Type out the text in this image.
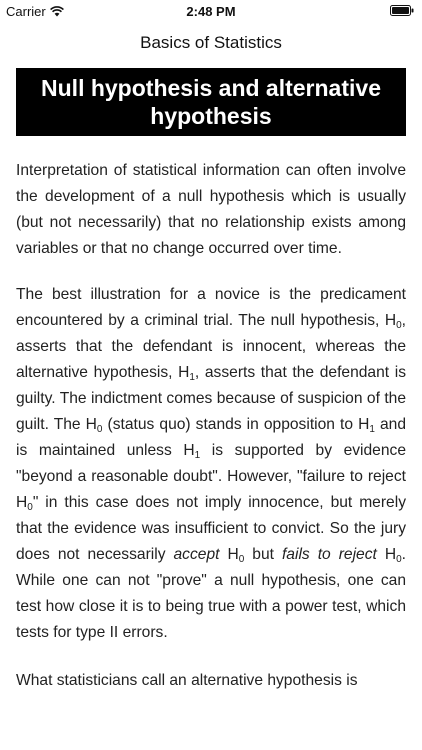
Carrier	2:48 PM
Basics of Statistics
Null hypothesis and alternative hypothesis

Interpretation of statistical information can often involve the development of a null hypothesis which is usually (but not necessarily) that no relationship exists among variables or that no change occurred over time.

The best illustration for a novice is the predicament encountered by a criminal trial. The null hypothesis, $H_0$, asserts that the defendant is innocent, whereas the alternative hypothesis, $H_1$, asserts that the defendant is guilty. The indictment comes because of suspicion of the guilt. The $H_0$ (status quo) stands in opposition to $H_1$ and is maintained unless $H_1$ is supported by evidence "beyond a reasonable doubt". However, "failure to reject $H_0$" in this case does not imply innocence, but merely that the evidence was insufficient to convict. So the jury does not necessarily accept $H_0$ but fails to reject $H_0$. While one can not "prove" a null hypothesis, one can test how close it is to being true with a power test, which tests for type II errors.

What statisticians call an alternative hypothesis is
